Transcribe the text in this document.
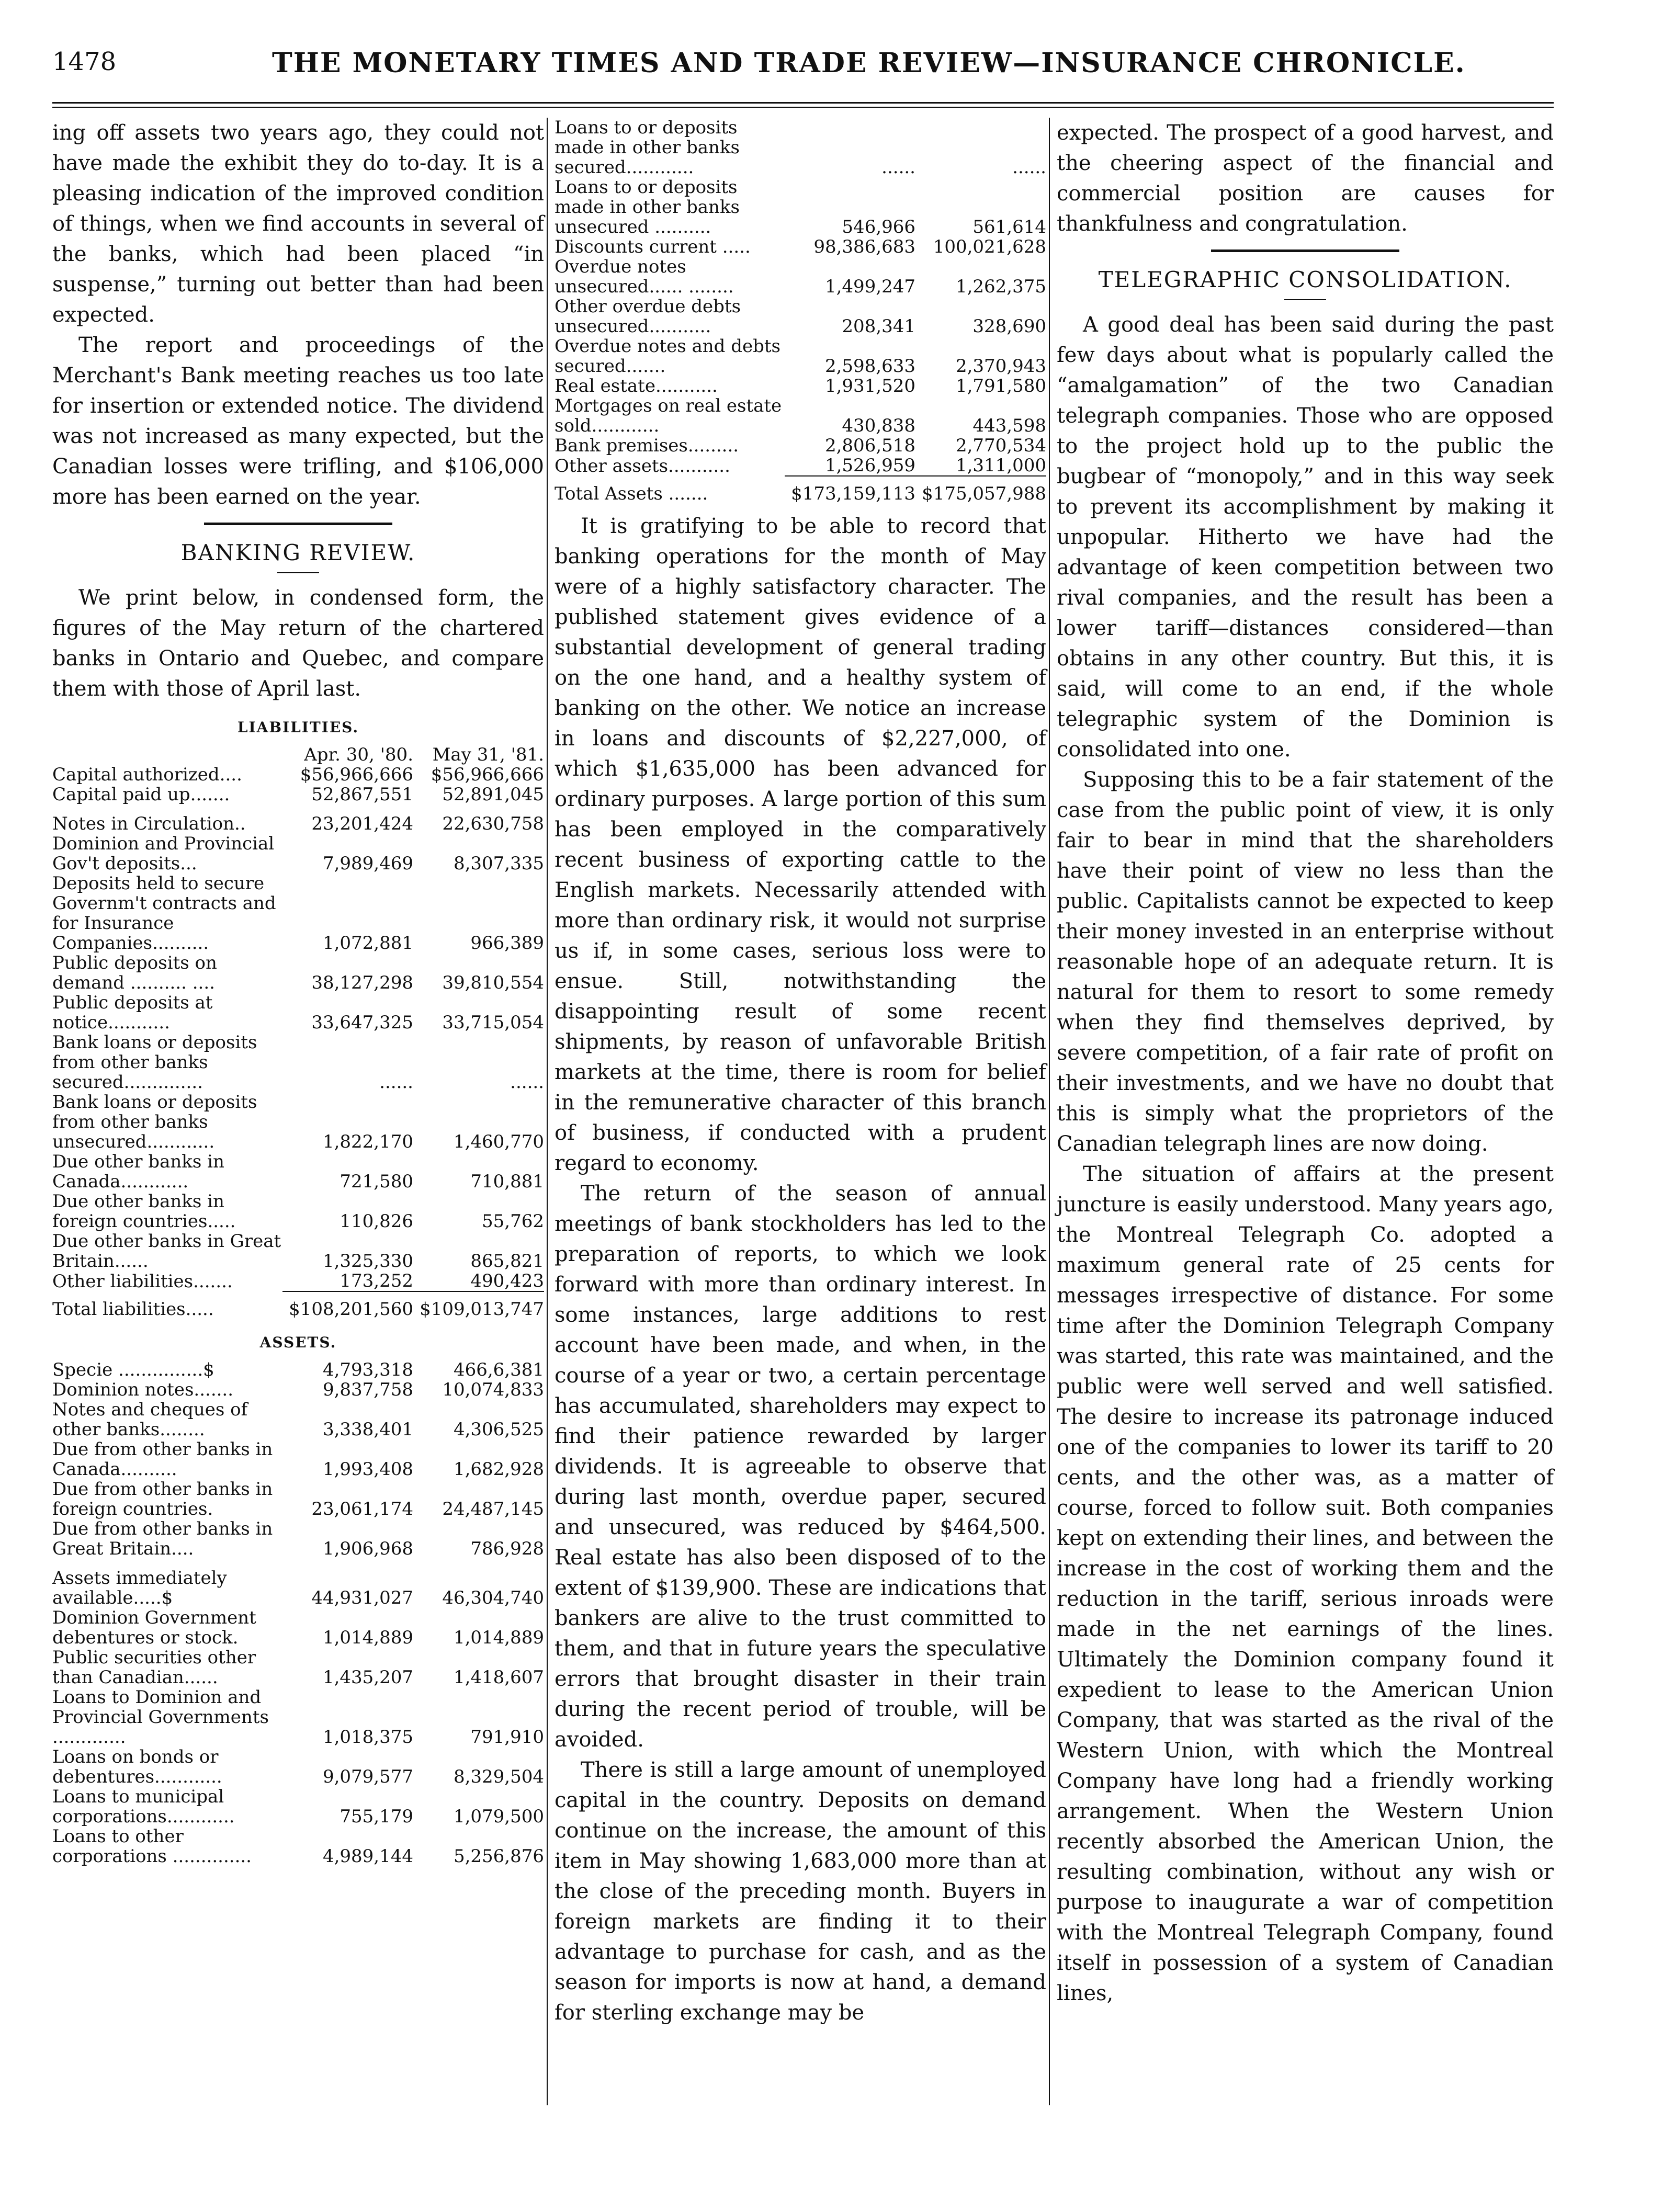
1478	THE MONETARY TIMES AND TRADE REVIEW—INSURANCE CHRONICLE.

ing off assets two years ago, they could not have made the exhibit they do to-day. It is a pleasing indication of the improved condition of things, when we find accounts in several of the banks, which had been placed “in suspense,” turning out better than had been expected.

The report and proceedings of the Merchant's Bank meeting reaches us too late for insertion or extended notice. The dividend was not increased as many expected, but the Canadian losses were trifling, and $106,000 more has been earned on the year.

BANKING REVIEW.

We print below, in condensed form, the figures of the May return of the chartered banks in Ontario and Quebec, and compare them with those of April last.

LIABILITIES.
	Apr. 30, '80.	May 31, '81.
Capital authorized....	$56,966,666	$56,966,666
Capital paid up.......	52,867,551	52,891,045
Notes in Circulation..	23,201,424	22,630,758
Dominion and Provincial Gov't deposits...	7,989,469	8,307,335
Deposits held to secure Governm't contracts and for Insurance Companies..........	1,072,881	966,389
Public deposits on demand .......... ....	38,127,298	39,810,554
Public deposits at notice...........	33,647,325	33,715,054
Bank loans or deposits from other banks secured..............	......	......
Bank loans or deposits from other banks unsecured............	1,822,170	1,460,770
Due other banks in Canada............	721,580	710,881
Due other banks in foreign countries.....	110,826	55,762
Due other banks in Great Britain......	1,325,330	865,821
Other liabilities.......	173,252	490,423
Total liabilities.....	$108,201,560	$109,013,747
ASSETS.
Specie ...............$	4,793,318	466,6,381
Dominion notes.......	9,837,758	10,074,833
Notes and cheques of other banks........	3,338,401	4,306,525
Due from other banks in Canada..........	1,993,408	1,682,928
Due from other banks in foreign countries.	23,061,174	24,487,145
Due from other banks in Great Britain....	1,906,968	786,928
Assets immediately available.....$	44,931,027	46,304,740
Dominion Government debentures or stock.	1,014,889	1,014,889
Public securities other than Canadian......	1,435,207	1,418,607
Loans to Dominion and Provincial Governments .............	1,018,375	791,910
Loans on bonds or debentures............	9,079,577	8,329,504
Loans to municipal corporations............	755,179	1,079,500
Loans to other corporations ..............	4,989,144	5,256,876
Loans to or deposits made in other banks secured............	......	......
Loans to or deposits made in other banks unsecured ..........	546,966	561,614
Discounts current .....	98,386,683	100,021,628
Overdue notes unsecured...... ........	1,499,247	1,262,375
Other overdue debts unsecured...........	208,341	328,690
Overdue notes and debts secured.......	2,598,633	2,370,943
Real estate...........	1,931,520	1,791,580
Mortgages on real estate sold............	430,838	443,598
Bank premises.........	2,806,518	2,770,534
Other assets...........	1,526,959	1,311,000
Total Assets .......	$173,159,113	$175,057,988

It is gratifying to be able to record that banking operations for the month of May were of a highly satisfactory character. The published statement gives evidence of a substantial development of general trading on the one hand, and a healthy system of banking on the other. We notice an increase in loans and discounts of $2,227,000, of which $1,635,000 has been advanced for ordinary purposes. A large portion of this sum has been employed in the comparatively recent business of exporting cattle to the English markets. Necessarily attended with more than ordinary risk, it would not surprise us if, in some cases, serious loss were to ensue. Still, notwithstanding the disappointing result of some recent shipments, by reason of unfavorable British markets at the time, there is room for belief in the remunerative character of this branch of business, if conducted with a prudent regard to economy.

The return of the season of annual meetings of bank stockholders has led to the preparation of reports, to which we look forward with more than ordinary interest. In some instances, large additions to rest account have been made, and when, in the course of a year or two, a certain percentage has accumulated, shareholders may expect to find their patience rewarded by larger dividends. It is agreeable to observe that during last month, overdue paper, secured and unsecured, was reduced by $464,500. Real estate has also been disposed of to the extent of $139,900. These are indications that bankers are alive to the trust committed to them, and that in future years the speculative errors that brought disaster in their train during the recent period of trouble, will be avoided.

There is still a large amount of unemployed capital in the country. Deposits on demand continue on the increase, the amount of this item in May showing 1,683,000 more than at the close of the preceding month. Buyers in foreign markets are finding it to their advantage to purchase for cash, and as the season for imports is now at hand, a demand for sterling exchange may be

expected. The prospect of a good harvest, and the cheering aspect of the financial and commercial position are causes for thankfulness and congratulation.

TELEGRAPHIC CONSOLIDATION.

A good deal has been said during the past few days about what is popularly called the “amalgamation” of the two Canadian telegraph companies. Those who are opposed to the project hold up to the public the bugbear of “monopoly,” and in this way seek to prevent its accomplishment by making it unpopular. Hitherto we have had the advantage of keen competition between two rival companies, and the result has been a lower tariff—distances considered—than obtains in any other country. But this, it is said, will come to an end, if the whole telegraphic system of the Dominion is consolidated into one.

Supposing this to be a fair statement of the case from the public point of view, it is only fair to bear in mind that the shareholders have their point of view no less than the public. Capitalists cannot be expected to keep their money invested in an enterprise without reasonable hope of an adequate return. It is natural for them to resort to some remedy when they find themselves deprived, by severe competition, of a fair rate of profit on their investments, and we have no doubt that this is simply what the proprietors of the Canadian telegraph lines are now doing.

The situation of affairs at the present juncture is easily understood. Many years ago, the Montreal Telegraph Co. adopted a maximum general rate of 25 cents for messages irrespective of distance. For some time after the Dominion Telegraph Company was started, this rate was maintained, and the public were well served and well satisfied. The desire to increase its patronage induced one of the companies to lower its tariff to 20 cents, and the other was, as a matter of course, forced to follow suit. Both companies kept on extending their lines, and between the increase in the cost of working them and the reduction in the tariff, serious inroads were made in the net earnings of the lines. Ultimately the Dominion company found it expedient to lease to the American Union Company, that was started as the rival of the Western Union, with which the Montreal Company have long had a friendly working arrangement. When the Western Union recently absorbed the American Union, the resulting combination, without any wish or purpose to inaugurate a war of competition with the Montreal Telegraph Company, found itself in possession of a system of Canadian lines,
